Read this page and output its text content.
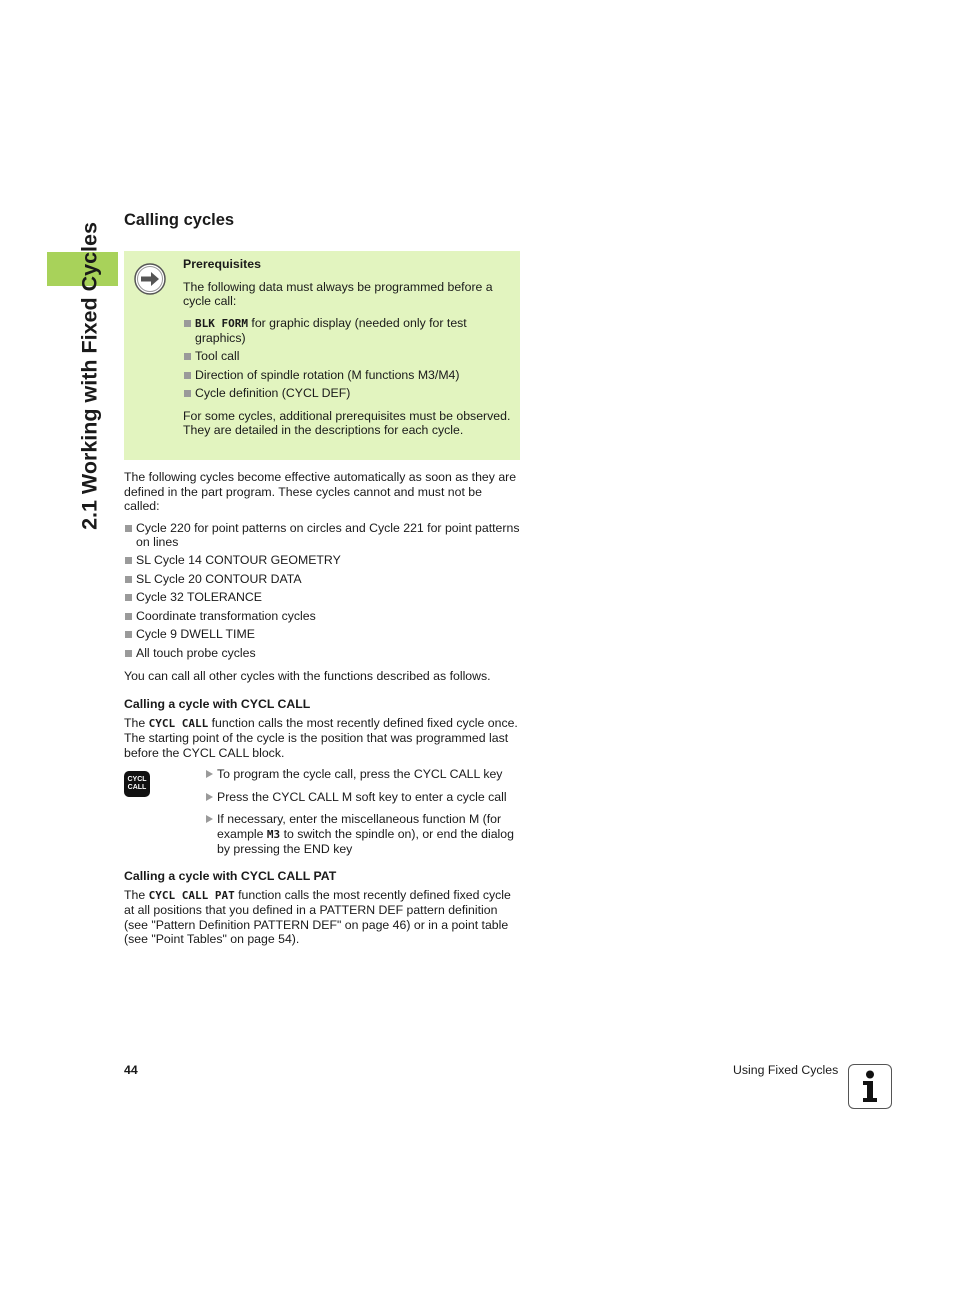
2.1 Working with Fixed Cycles
Calling cycles

Prerequisites

The following data must always be programmed before a cycle call:

BLK FORM for graphic display (needed only for test graphics)
Tool call
Direction of spindle rotation (M functions M3/M4)
Cycle definition (CYCL DEF)

For some cycles, additional prerequisites must be observed. They are detailed in the descriptions for each cycle.

The following cycles become effective automatically as soon as they are defined in the part program. These cycles cannot and must not be called:

Cycle 220 for point patterns on circles and Cycle 221 for point patterns on lines
SL Cycle 14 CONTOUR GEOMETRY
SL Cycle 20 CONTOUR DATA
Cycle 32 TOLERANCE
Coordinate transformation cycles
Cycle 9 DWELL TIME
All touch probe cycles

You can call all other cycles with the functions described as follows.

Calling a cycle with CYCL CALL

The CYCL CALL function calls the most recently defined fixed cycle once. The starting point of the cycle is the position that was programmed last before the CYCL CALL block.

CYCL
CALL
To program the cycle call, press the CYCL CALL key
Press the CYCL CALL M soft key to enter a cycle call
If necessary, enter the miscellaneous function M (for example M3 to switch the spindle on), or end the dialog by pressing the END key

Calling a cycle with CYCL CALL PAT

The CYCL CALL PAT function calls the most recently defined fixed cycle at all positions that you defined in a PATTERN DEF pattern definition (see "Pattern Definition PATTERN DEF" on page 46) or in a point table (see "Point Tables" on page 54).

44	Using Fixed Cycles
